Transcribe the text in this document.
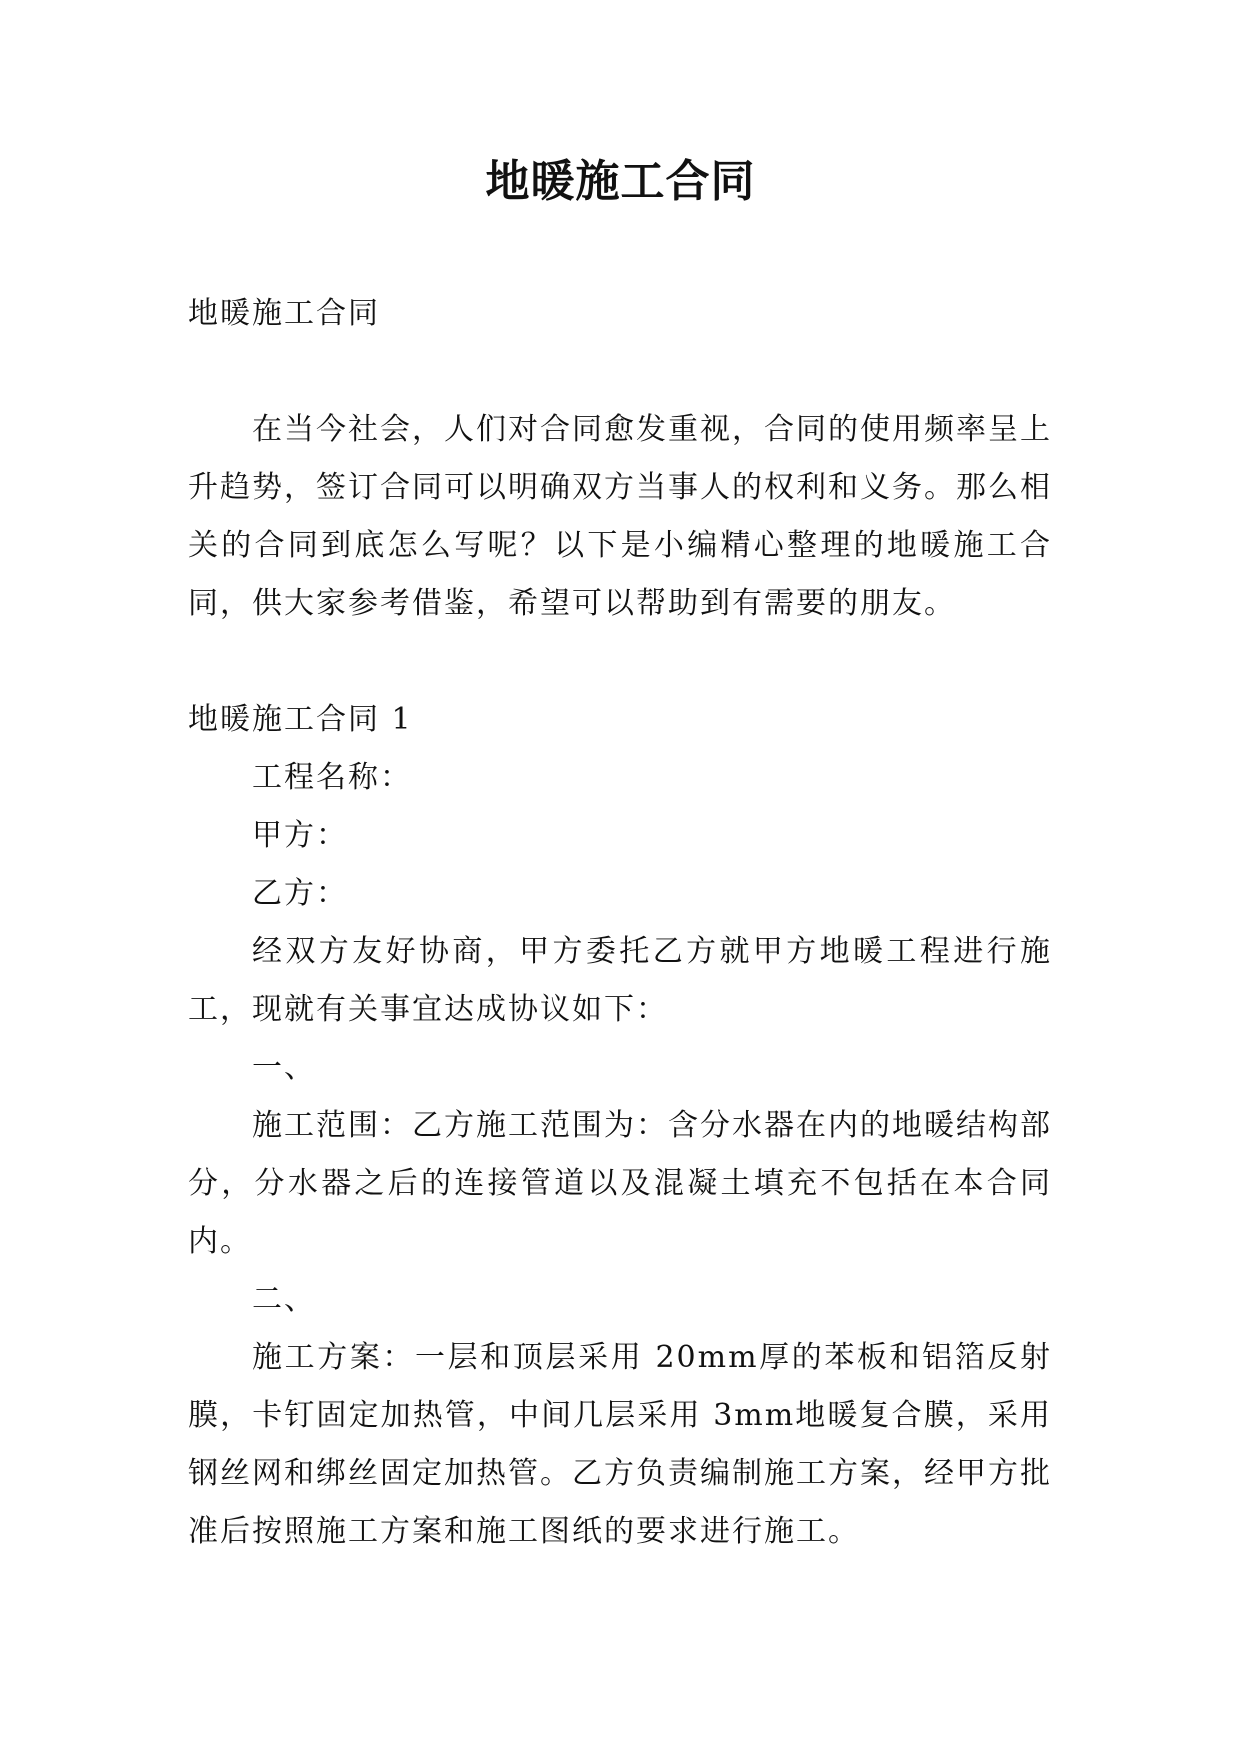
地暖施工合同

地暖施工合同

在当今社会，人们对合同愈发重视，合同的使用频率呈上升趋势，签订合同可以明确双方当事人的权利和义务。那么相关的合同到底怎么写呢？以下是小编精心整理的地暖施工合同，供大家参考借鉴，希望可以帮助到有需要的朋友。

地暖施工合同 1

工程名称：

甲方：

乙方：

经双方友好协商，甲方委托乙方就甲方地暖工程进行施工，现就有关事宜达成协议如下：

一、

施工范围：乙方施工范围为：含分水器在内的地暖结构部分，分水器之后的连接管道以及混凝土填充不包括在本合同内。

二、

施工方案：一层和顶层采用 20mm厚的苯板和铝箔反射膜，卡钉固定加热管，中间几层采用 3mm地暖复合膜，采用钢丝网和绑丝固定加热管。乙方负责编制施工方案，经甲方批准后按照施工方案和施工图纸的要求进行施工。
